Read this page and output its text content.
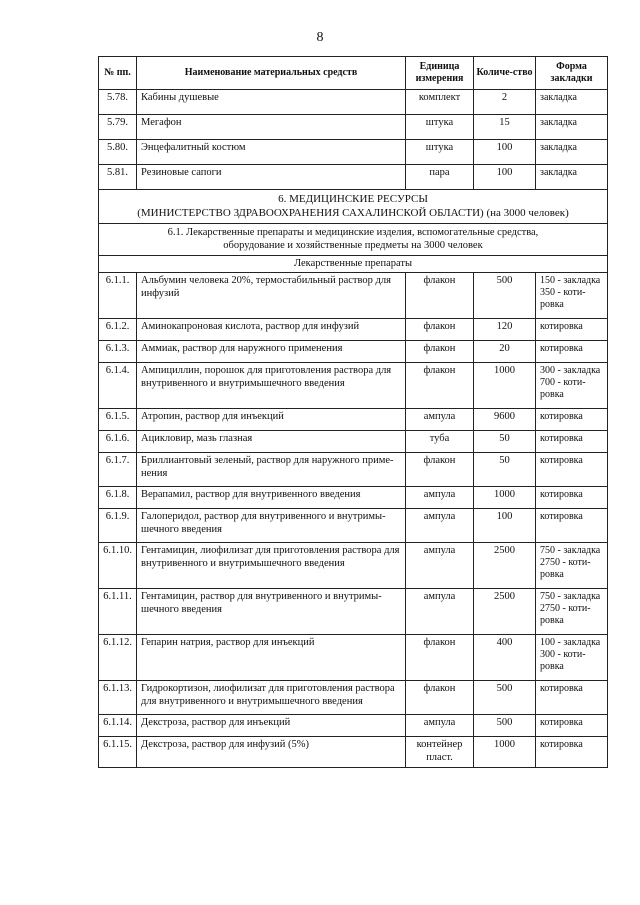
8
№ пп.	Наименование материальных средств	Единица измерения	Количе-ство	Форма закладки
5.78.	Кабины душевые	комплект	2	закладка
5.79.	Мегафон	штука	15	закладка
5.80.	Энцефалитный костюм	штука	100	закладка
5.81.	Резиновые сапоги	пара	100	закладка

6. МЕДИЦИНСКИЕ РЕСУРСЫ
(МИНИСТЕРСТВО ЗДРАВООХРАНЕНИЯ САХАЛИНСКОЙ ОБЛАСТИ) (на 3000 человек)				

6.1. Лекарственные препараты и медицинские изделия, вспомогательные средства,
оборудование и хозяйственные предметы на 3000 человек				

Лекарственные препараты				
6.1.1.	Альбумин человека 20%, термостабильный раствор для инфузий	флакон	500	150 - закладка 350 - коти-ровка
6.1.2.	Аминокапроновая кислота, раствор для инфузий	флакон	120	котировка
6.1.3.	Аммиак, раствор для наружного применения	флакон	20	котировка
6.1.4.	Ампициллин, порошок для приготовления раствора для внутривенного и внутримышечного введения	флакон	1000	300 - закладка 700 - коти-ровка
6.1.5.	Атропин, раствор для инъекций	ампула	9600	котировка
6.1.6.	Ацикловир, мазь глазная	туба	50	котировка
6.1.7.	Бриллиантовый зеленый, раствор для наружного приме-нения	флакон	50	котировка
6.1.8.	Верапамил, раствор для внутривенного введения	ампула	1000	котировка
6.1.9.	Галоперидол, раствор для внутривенного и внутримы-шечного введения	ампула	100	котировка
6.1.10.	Гентамицин, лиофилизат для приготовления раствора для внутривенного и внутримышечного введения	ампула	2500	750 - закладка 2750 - коти-ровка
6.1.11.	Гентамицин, раствор для внутривенного и внутримы-шечного введения	ампула	2500	750 - закладка 2750 - коти-ровка
6.1.12.	Гепарин натрия, раствор для инъекций	флакон	400	100 - закладка 300 - коти-ровка
6.1.13.	Гидрокортизон, лиофилизат для приготовления раствора для внутривенного и внутримышечного введения	флакон	500	котировка
6.1.14.	Декстроза, раствор для инъекций	ампула	500	котировка
6.1.15.	Декстроза, раствор для инфузий (5%)	контейнер пласт.	1000	котировка
